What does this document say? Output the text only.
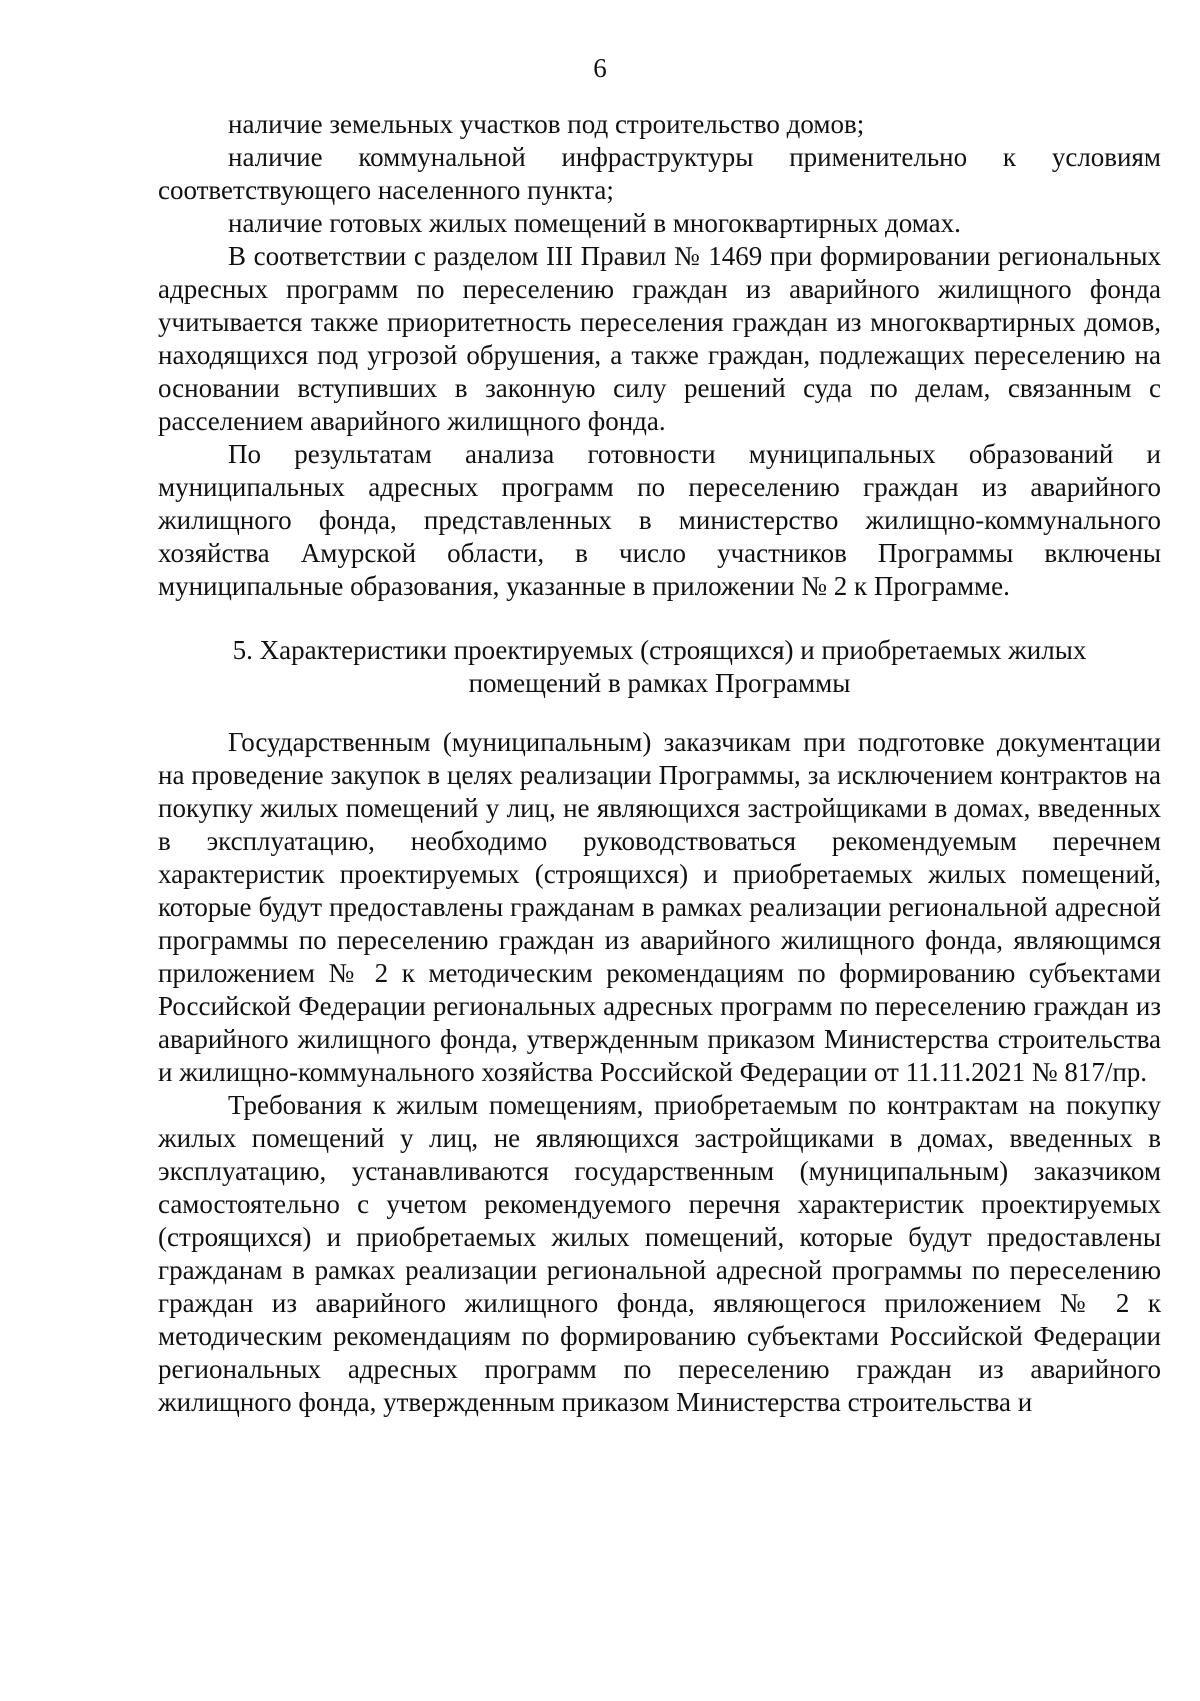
6

наличие земельных участков под строительство домов;

наличие коммунальной инфраструктуры применительно к условиям соответствующего населенного пункта;

наличие готовых жилых помещений в многоквартирных домах.

В соответствии с разделом III Правил № 1469 при формировании региональных адресных программ по переселению граждан из аварийного жилищного фонда учитывается также приоритетность переселения граждан из многоквартирных домов, находящихся под угрозой обрушения, а также граждан, подлежащих переселению на основании вступивших в законную силу решений суда по делам, связанным с расселением аварийного жилищного фонда.

По результатам анализа готовности муниципальных образований и муниципальных адресных программ по переселению граждан из аварийного жилищного фонда, представленных в министерство жилищно-коммунального хозяйства Амурской области, в число участников Программы включены муниципальные образования, указанные в приложении № 2 к Программе.

5. Характеристики проектируемых (строящихся) и приобретаемых жилых
помещений в рамках Программы

Государственным (муниципальным) заказчикам при подготовке документации на проведение закупок в целях реализации Программы, за исключением контрактов на покупку жилых помещений у лиц, не являющихся застройщиками в домах, введенных в эксплуатацию, необходимо руководствоваться рекомендуемым перечнем характеристик проектируемых (строящихся) и приобретаемых жилых помещений, которые будут предоставлены гражданам в рамках реализации региональной адресной программы по переселению граждан из аварийного жилищного фонда, являющимся приложением № 2 к методическим рекомендациям по формированию субъектами Российской Федерации региональных адресных программ по переселению граждан из аварийного жилищного фонда, утвержденным приказом Министерства строительства и жилищно-коммунального хозяйства Российской Федерации от 11.11.2021 № 817/пр.

Требования к жилым помещениям, приобретаемым по контрактам на покупку жилых помещений у лиц, не являющихся застройщиками в домах, введенных в эксплуатацию, устанавливаются государственным (муниципальным) заказчиком самостоятельно с учетом рекомендуемого перечня характеристик проектируемых (строящихся) и приобретаемых жилых помещений, которые будут предоставлены гражданам в рамках реализации региональной адресной программы по переселению граждан из аварийного жилищного фонда, являющегося приложением № 2 к методическим рекомендациям по формированию субъектами Российской Федерации региональных адресных программ по переселению граждан из аварийного жилищного фонда, утвержденным приказом Министерства строительства и
